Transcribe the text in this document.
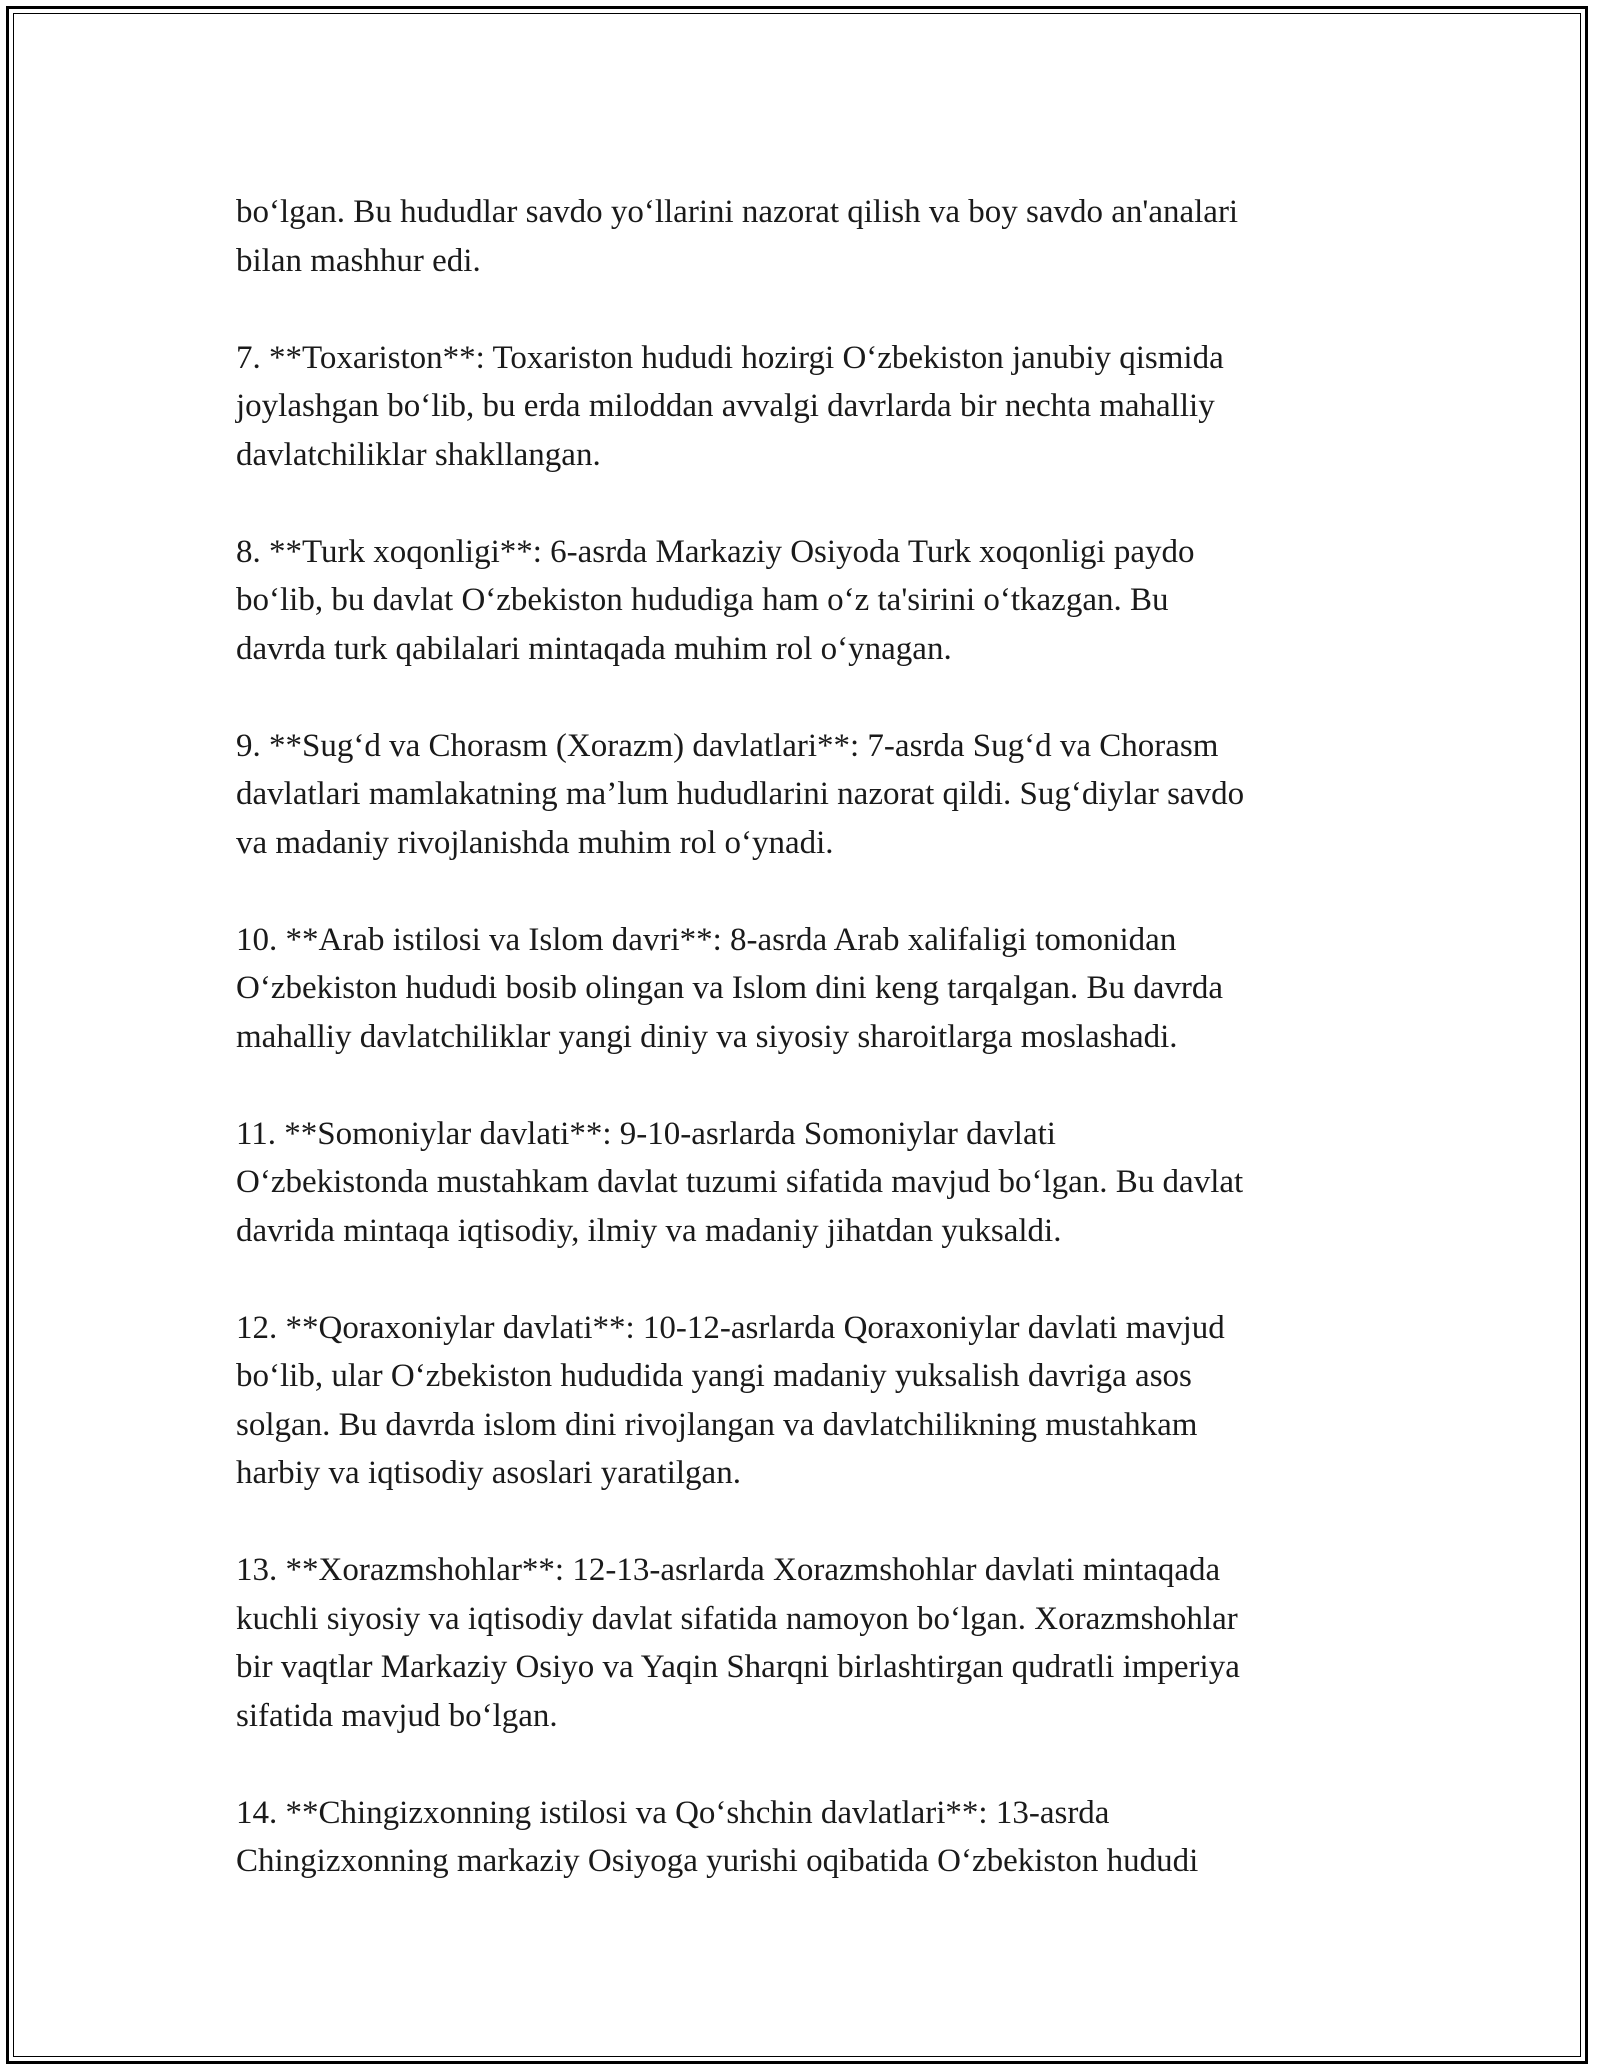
bo‘lgan. Bu hududlar savdo yo‘llarini nazorat qilish va boy savdo an'analari
bilan mashhur edi.

7. **Toxariston**: Toxariston hududi hozirgi O‘zbekiston janubiy qismida
joylashgan bo‘lib, bu erda miloddan avvalgi davrlarda bir nechta mahalliy
davlatchiliklar shakllangan.

8. **Turk xoqonligi**: 6-asrda Markaziy Osiyoda Turk xoqonligi paydo
bo‘lib, bu davlat O‘zbekiston hududiga ham o‘z ta'sirini o‘tkazgan. Bu
davrda turk qabilalari mintaqada muhim rol o‘ynagan.

9. **Sug‘d va Chorasm (Xorazm) davlatlari**: 7-asrda Sug‘d va Chorasm
davlatlari mamlakatning ma’lum hududlarini nazorat qildi. Sug‘diylar savdo
va madaniy rivojlanishda muhim rol o‘ynadi.

10. **Arab istilosi va Islom davri**: 8-asrda Arab xalifaligi tomonidan
O‘zbekiston hududi bosib olingan va Islom dini keng tarqalgan. Bu davrda
mahalliy davlatchiliklar yangi diniy va siyosiy sharoitlarga moslashadi.

11. **Somoniylar davlati**: 9-10-asrlarda Somoniylar davlati
O‘zbekistonda mustahkam davlat tuzumi sifatida mavjud bo‘lgan. Bu davlat
davrida mintaqa iqtisodiy, ilmiy va madaniy jihatdan yuksaldi.

12. **Qoraxoniylar davlati**: 10-12-asrlarda Qoraxoniylar davlati mavjud
bo‘lib, ular O‘zbekiston hududida yangi madaniy yuksalish davriga asos
solgan. Bu davrda islom dini rivojlangan va davlatchilikning mustahkam
harbiy va iqtisodiy asoslari yaratilgan.

13. **Xorazmshohlar**: 12-13-asrlarda Xorazmshohlar davlati mintaqada
kuchli siyosiy va iqtisodiy davlat sifatida namoyon bo‘lgan. Xorazmshohlar
bir vaqtlar Markaziy Osiyo va Yaqin Sharqni birlashtirgan qudratli imperiya
sifatida mavjud bo‘lgan.

14. **Chingizxonning istilosi va Qo‘shchin davlatlari**: 13-asrda
Chingizxonning markaziy Osiyoga yurishi oqibatida O‘zbekiston hududi
